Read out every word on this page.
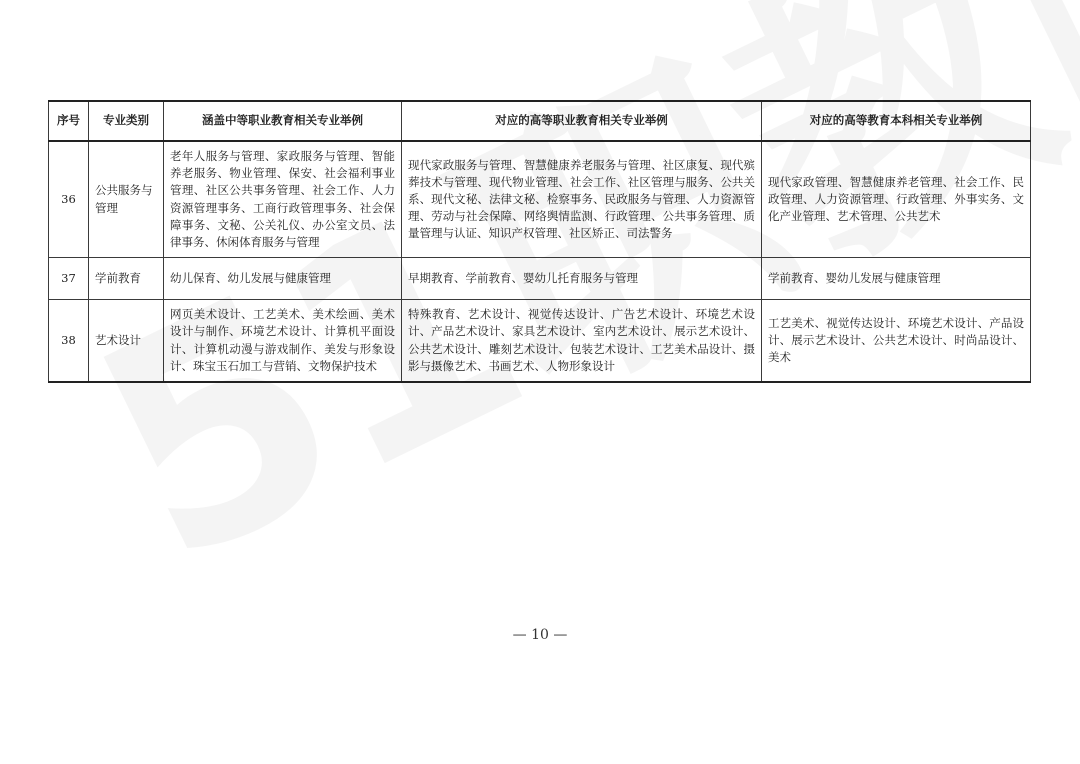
序号	专业类别	涵盖中等职业教育相关专业举例	对应的高等职业教育相关专业举例	对应的高等教育本科相关专业举例
36	公共服务与管理	老年人服务与管理、家政服务与管理、智能养老服务、物业管理、保安、社会福利事业管理、社区公共事务管理、社会工作、人力资源管理事务、工商行政管理事务、社会保障事务、文秘、公关礼仪、办公室文员、法律事务、休闲体育服务与管理	现代家政服务与管理、智慧健康养老服务与管理、社区康复、现代殡葬技术与管理、现代物业管理、社会工作、社区管理与服务、公共关系、现代文秘、法律文秘、检察事务、民政服务与管理、人力资源管理、劳动与社会保障、网络舆情监测、行政管理、公共事务管理、质量管理与认证、知识产权管理、社区矫正、司法警务	现代家政管理、智慧健康养老管理、社会工作、民政管理、人力资源管理、行政管理、外事实务、文化产业管理、艺术管理、公共艺术
37	学前教育	幼儿保育、幼儿发展与健康管理	早期教育、学前教育、婴幼儿托育服务与管理	学前教育、婴幼儿发展与健康管理
38	艺术设计	网页美术设计、工艺美术、美术绘画、美术设计与制作、环境艺术设计、计算机平面设计、计算机动漫与游戏制作、美发与形象设计、珠宝玉石加工与营销、文物保护技术	特殊教育、艺术设计、视觉传达设计、广告艺术设计、环境艺术设计、产品艺术设计、家具艺术设计、室内艺术设计、展示艺术设计、公共艺术设计、雕刻艺术设计、包装艺术设计、工艺美术品设计、摄影与摄像艺术、书画艺术、人物形象设计	工艺美术、视觉传达设计、环境艺术设计、产品设计、展示艺术设计、公共艺术设计、时尚品设计、美术
— 10 —
